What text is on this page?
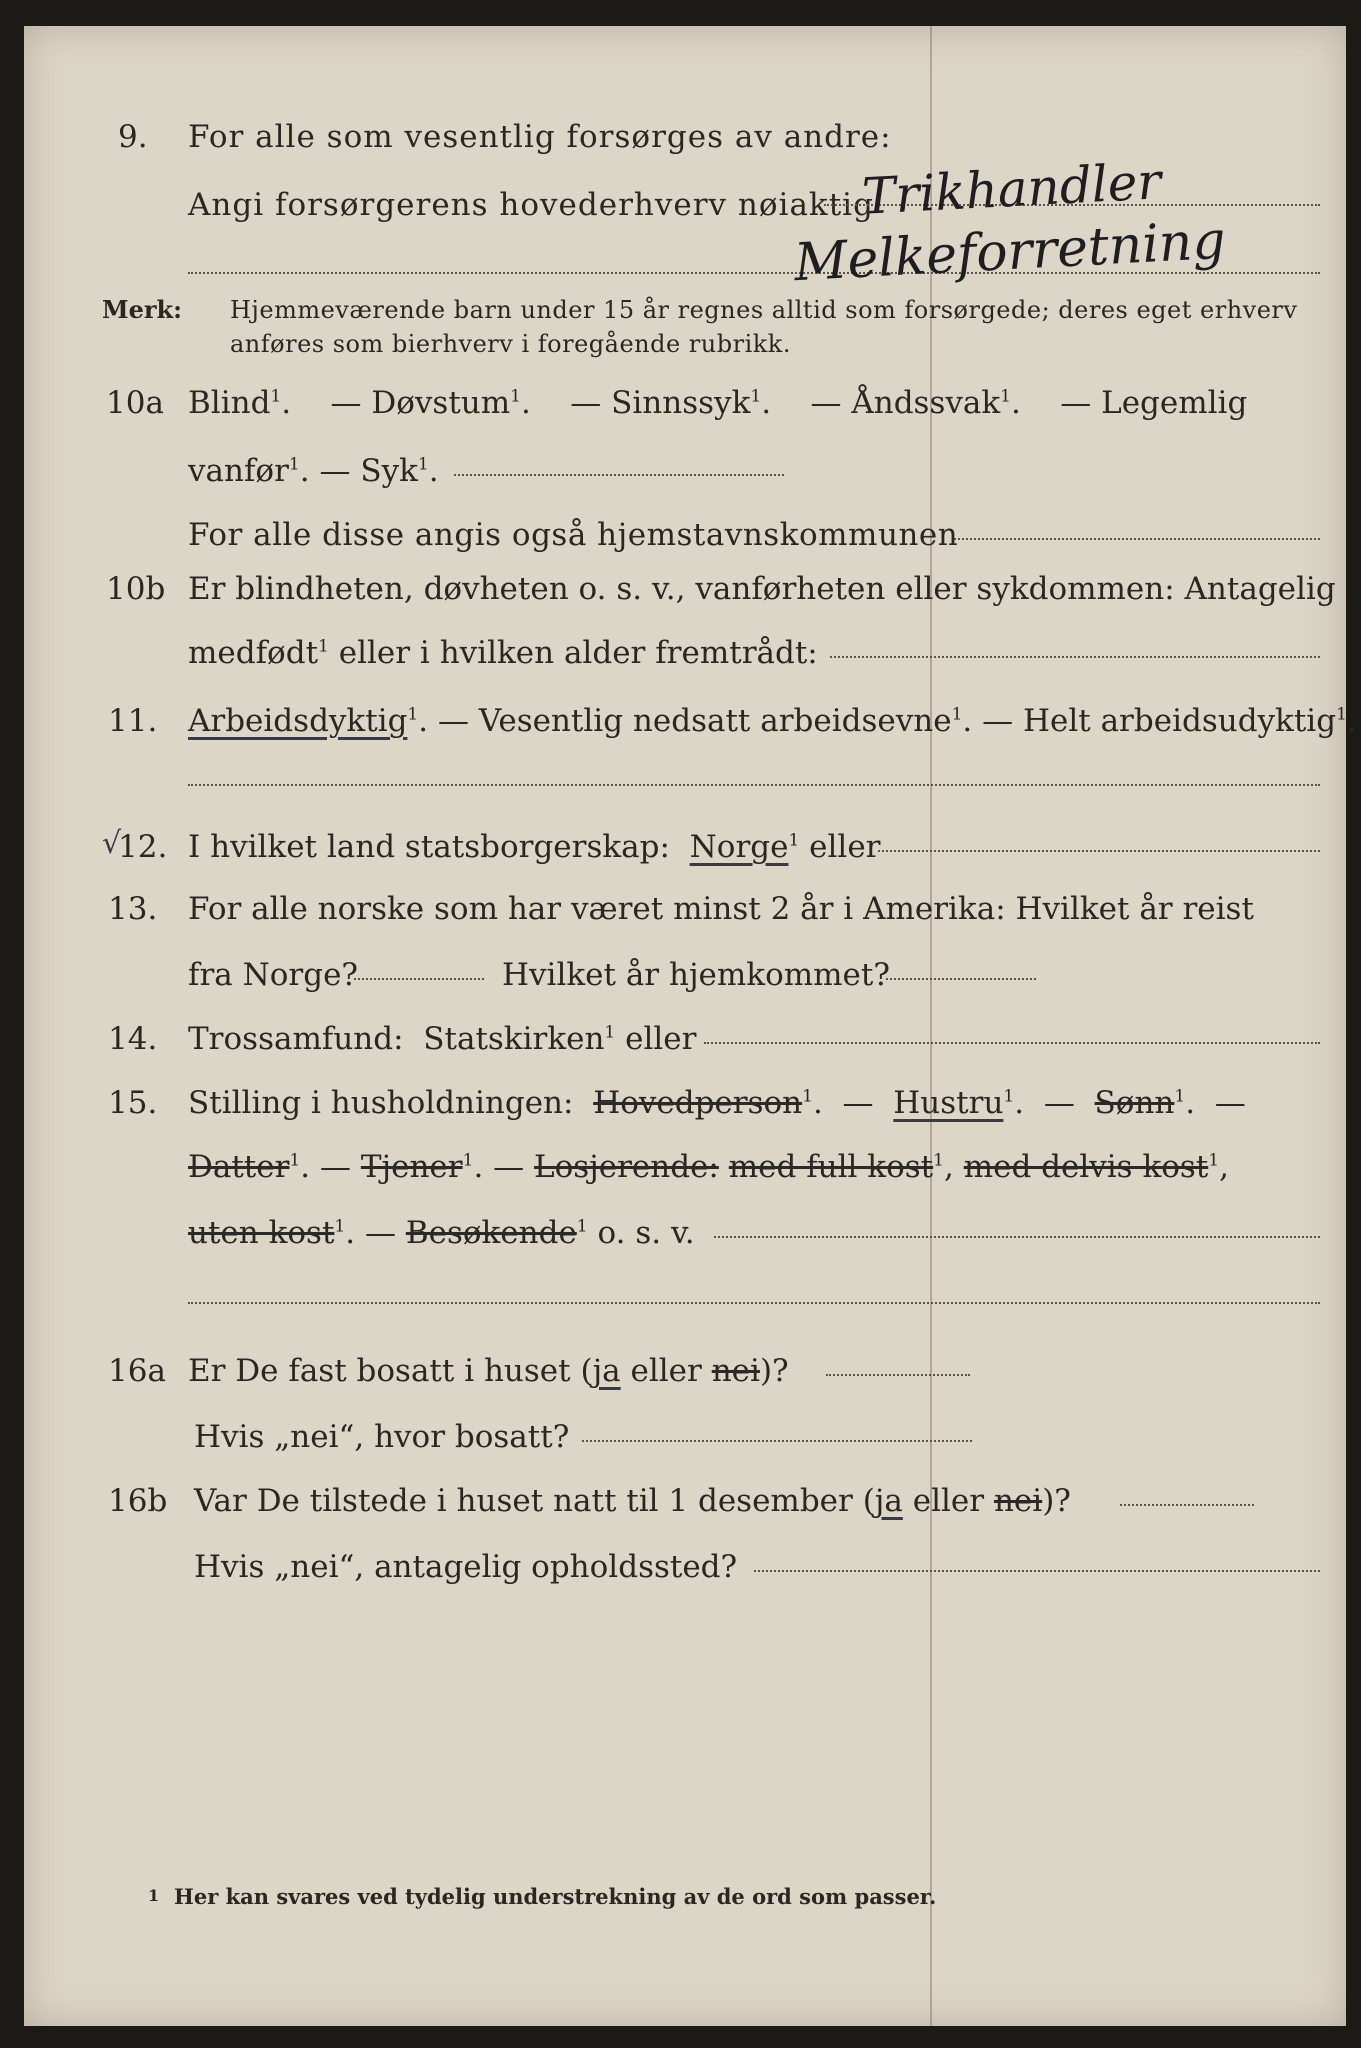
9. For alle som vesentlig forsørges av andre:
Angi forsørgerens hovederhverv nøiaktig
Trikhandler
Melkeforretning
Merk: Hjemmeværende barn under 15 år regnes alltid som forsørgede; deres eget erhverv
anføres som bierhverv i foregående rubrikk.
10a Blind$^1$.    — Døvstum$^1$.    — Sinnssyk$^1$.    — Åndssvak$^1$.    — Legemlig
vanfør$^1$. — Syk$^1$.
For alle disse angis også hjemstavnskommunen
10b Er blindheten, døvheten o. s. v., vanførheten eller sykdommen: Antagelig
medfødt$^1$ eller i hvilken alder fremtrådt:
11. Arbeidsdyktig$^1$. — Vesentlig nedsatt arbeidsevne$^1$. — Helt arbeidsudyktig$^1$.
√
12. I hvilket land statsborgerskap: Norge$^1$ eller
13. For alle norske som har været minst 2 år i Amerika: Hvilket år reist
fra Norge?	Hvilket år hjemkommet?
14. Trossamfund: Statskirken$^1$ eller
15. Stilling i husholdningen: Hovedperson$^1$.  —  Hustru$^1$.  —  Sønn$^1$.  —
Datter$^1$. — Tjener$^1$. — Losjerende: med full kost$^1$, med delvis kost$^1$,
uten kost$^1$. — Besøkende$^1$ o. s. v.
16a Er De fast bosatt i huset (ja eller nei)?
Hvis „nei“, hvor bosatt?
16b Var De tilstede i huset natt til 1 desember (ja eller nei)?
Hvis „nei“, antagelig opholdssted?
1 Her kan svares ved tydelig understrekning av de ord som passer.
